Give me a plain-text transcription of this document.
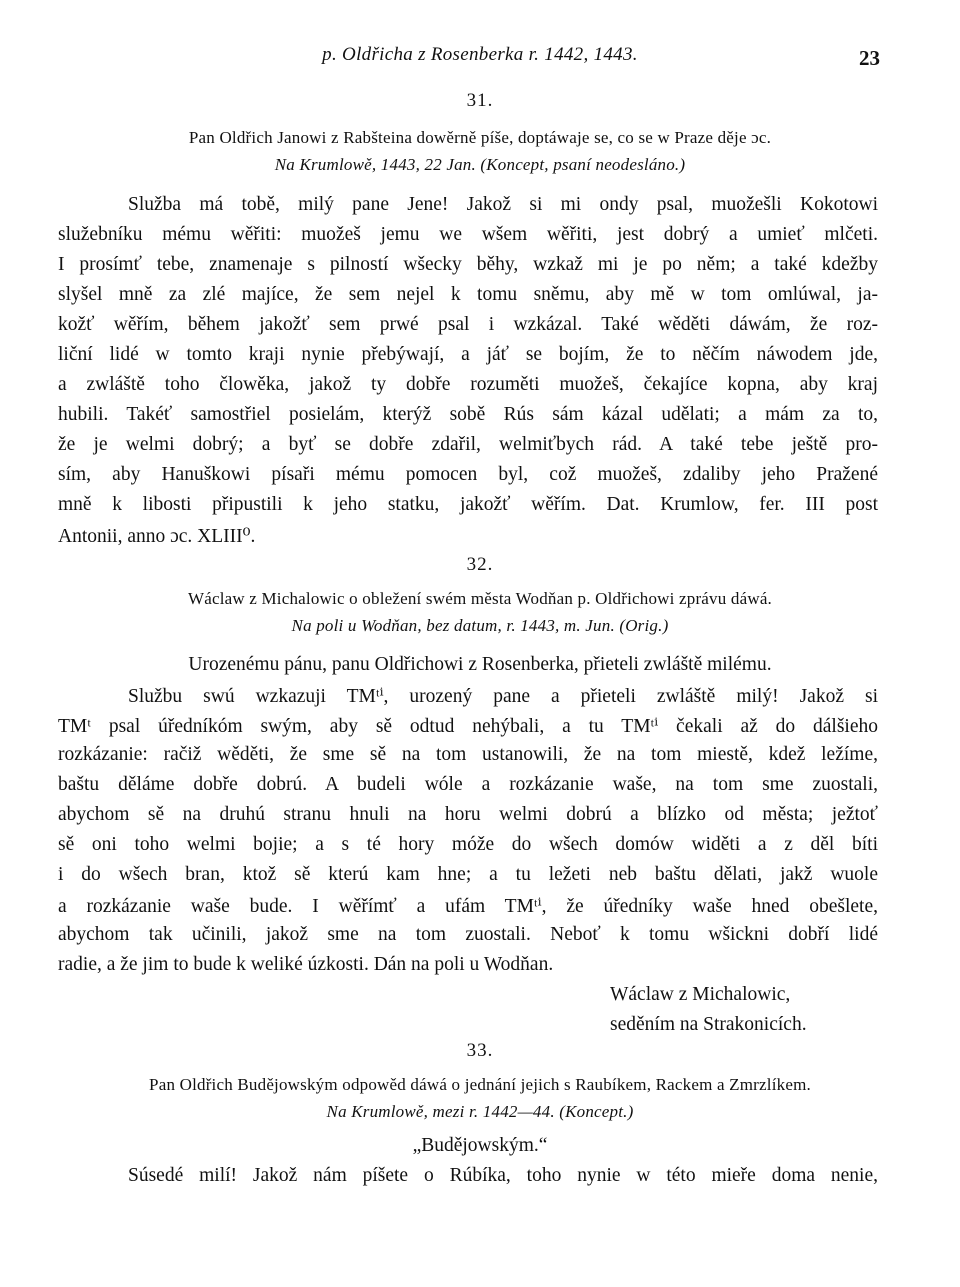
p. Oldřicha z Rosenberka r. 1442, 1443.	23
31.
Pan Oldřich Janowi z Rabšteina dowěrně píše, doptáwaje se, co se w Praze děje ɔc.
Na Krumlowě, 1443, 22 Jan. (Koncept, psaní neodesláno.)
Služba má tobě, milý pane Jene! Jakož si mi ondy psal, muožešli Kokotowi
služebníku mému wěřiti: muožeš jemu we wšem wěřiti, jest dobrý a umieť mlčeti.
I prosímť tebe, znamenaje s pilností wšecky běhy, wzkaž mi je po něm; a také kdežby
slyšel mně za zlé majíce, že sem nejel k tomu sněmu, aby mě w tom omlúwal, ja-
kožť wěřím, během jakožť sem prwé psal i wzkázal. Také wěděti dáwám, že roz-
liční lidé w tomto kraji nynie přebýwají, a jáť se bojím, že to něčím náwodem jde,
a zwláště toho člowěka, jakož ty dobře rozuměti muožeš, čekajíce kopna, aby kraj
hubili. Takéť samostřiel posielám, kterýž sobě Rús sám kázal udělati; a mám za to,
že je welmi dobrý; a byť se dobře zdařil, welmiťbych rád. A také tebe ještě pro-
sím, aby Hanuškowi písaři mému pomocen byl, což muožeš, zdaliby jeho Pražené
mně k libosti připustili k jeho statku, jakožť wěřím. Dat. Krumlow, fer. III post
Antonii, anno ɔc. XLIII⁰.
32.
Wáclaw z Michalowic o obležení swém města Wodňan p. Oldřichowi zprávu dáwá.
Na poli u Wodňan, bez datum, r. 1443, m. Jun. (Orig.)
Urozenému pánu, panu Oldřichowi z Rosenberka, přieteli zwláště milému.
Službu swú wzkazuji TMᵗⁱ, urozený pane a přieteli zwláště milý! Jakož si
TMᵗ psal úředníkóm swým, aby sě odtud nehýbali, a tu TMᵗⁱ čekali až do dálšieho
rozkázanie: račiž wěděti, že sme sě na tom ustanowili, že na tom miestě, kdež ležíme,
baštu děláme dobře dobrú. A budeli wóle a rozkázanie waše, na tom sme zuostali,
abychom sě na druhú stranu hnuli na horu welmi dobrú a blízko od města; ježtoť
sě oni toho welmi bojie; a s té hory móže do wšech domów widěti a z děl bíti
i do wšech bran, ktož sě kterú kam hne; a tu ležeti neb baštu dělati, jakž wuole
a rozkázanie waše bude. I wěřímť a ufám TMᵗⁱ, že úředníky waše hned obešlete,
abychom tak učinili, jakož sme na tom zuostali. Neboť k tomu wšickni dobří lidé
radie, a že jim to bude k weliké úzkosti. Dán na poli u Wodňan.
Wáclaw z Michalowic,
seděním na Strakonicích.
33.
Pan Oldřich Budějowským odpowěd dáwá o jednání jejich s Raubíkem, Rackem a Zmrzlíkem.
Na Krumlowě, mezi r. 1442—44. (Koncept.)
„Budějowským.“
Súsedé milí! Jakož nám píšete o Rúbíka, toho nynie w této mieře doma nenie,
